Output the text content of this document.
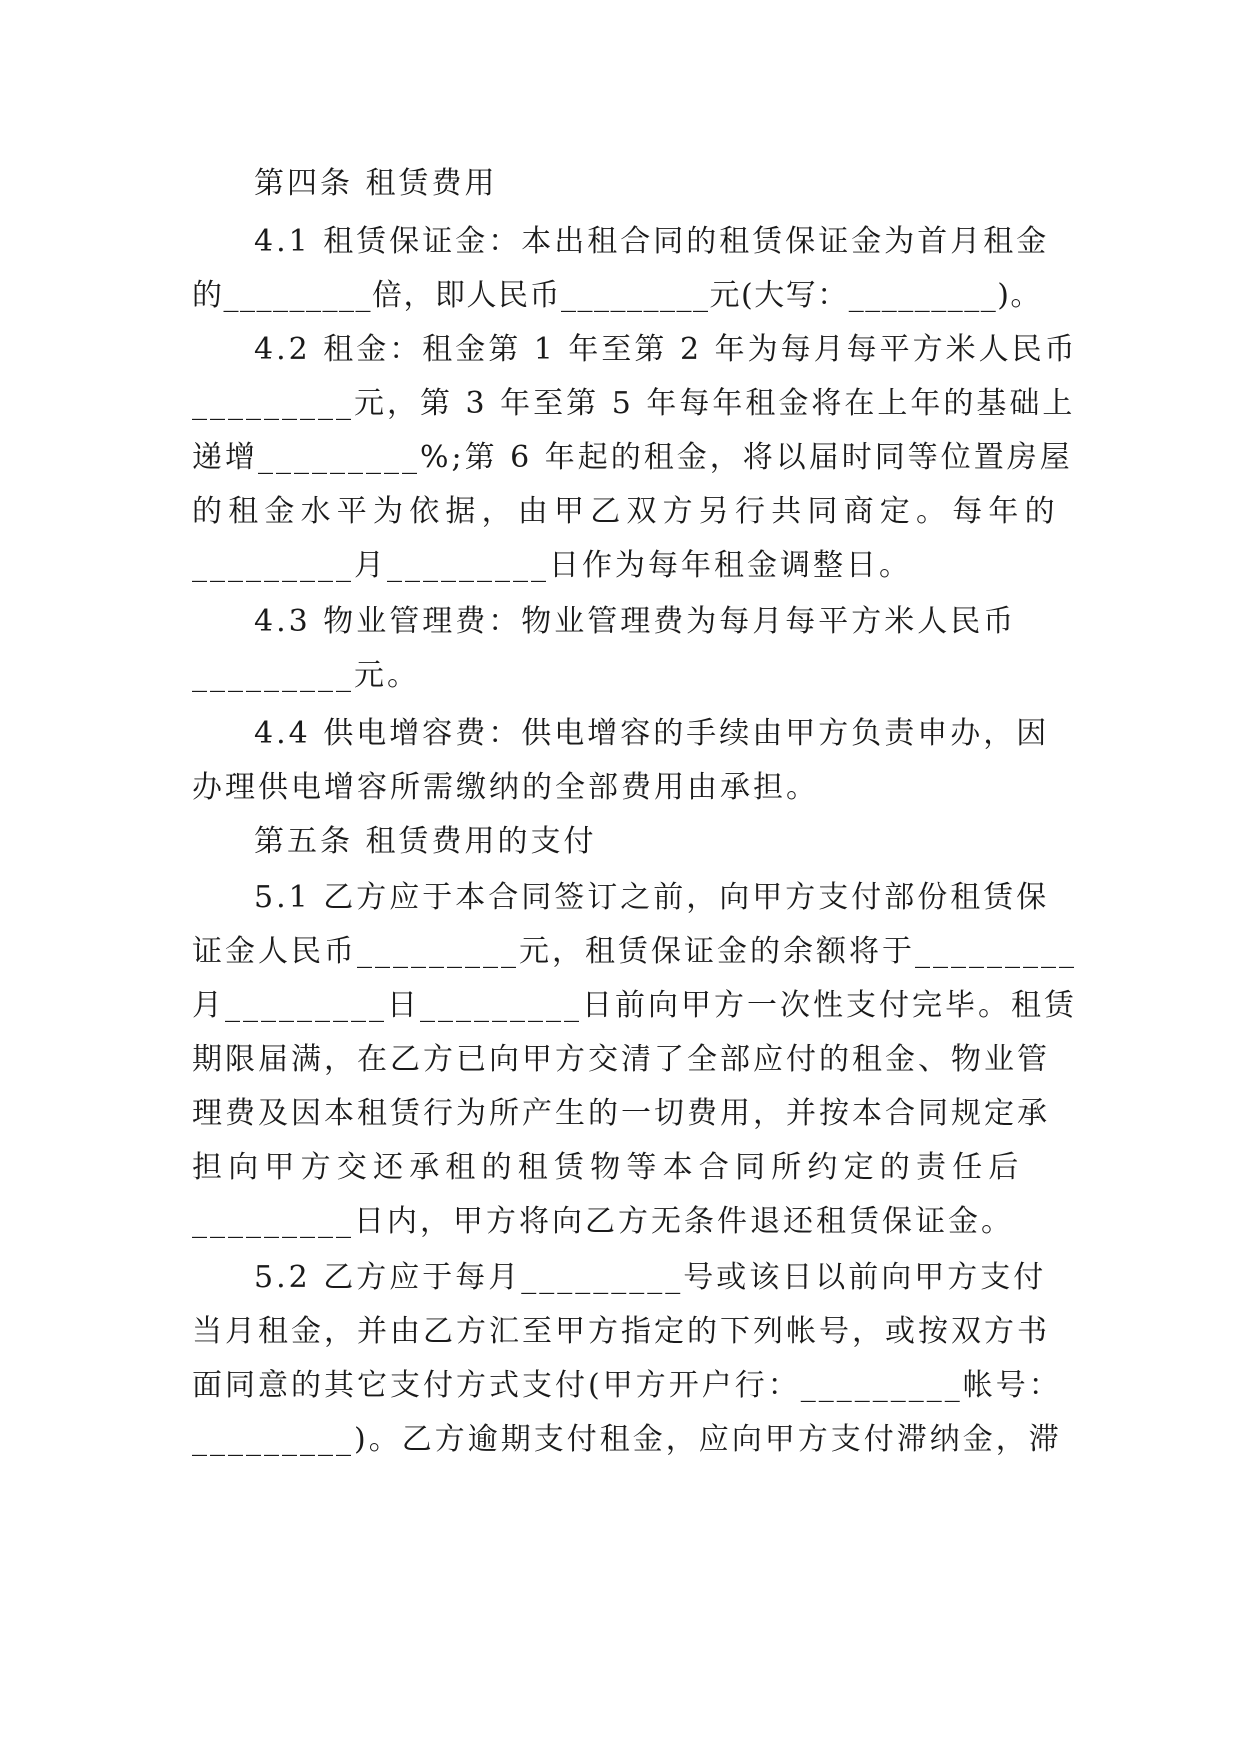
第四条 租赁费用
4.1 租赁保证金：本出租合同的租赁保证金为首月租金
的_________倍，即人民币_________元(大写：_________)。
4.2 租金：租金第 1 年至第 2 年为每月每平方米人民币
_________元，第 3 年至第 5 年每年租金将在上年的基础上
递增_________%;第 6 年起的租金，将以届时同等位置房屋
的租金水平为依据，由甲乙双方另行共同商定。每年的
_________月_________日作为每年租金调整日。
4.3 物业管理费：物业管理费为每月每平方米人民币
_________元。
4.4 供电增容费：供电增容的手续由甲方负责申办，因
办理供电增容所需缴纳的全部费用由承担。
第五条 租赁费用的支付
5.1 乙方应于本合同签订之前，向甲方支付部份租赁保
证金人民币_________元，租赁保证金的余额将于_________
月_________日_________日前向甲方一次性支付完毕。租赁
期限届满，在乙方已向甲方交清了全部应付的租金、物业管
理费及因本租赁行为所产生的一切费用，并按本合同规定承
担向甲方交还承租的租赁物等本合同所约定的责任后
_________日内，甲方将向乙方无条件退还租赁保证金。
5.2 乙方应于每月_________号或该日以前向甲方支付
当月租金，并由乙方汇至甲方指定的下列帐号，或按双方书
面同意的其它支付方式支付(甲方开户行：_________帐号：
_________)。乙方逾期支付租金，应向甲方支付滞纳金，滞
